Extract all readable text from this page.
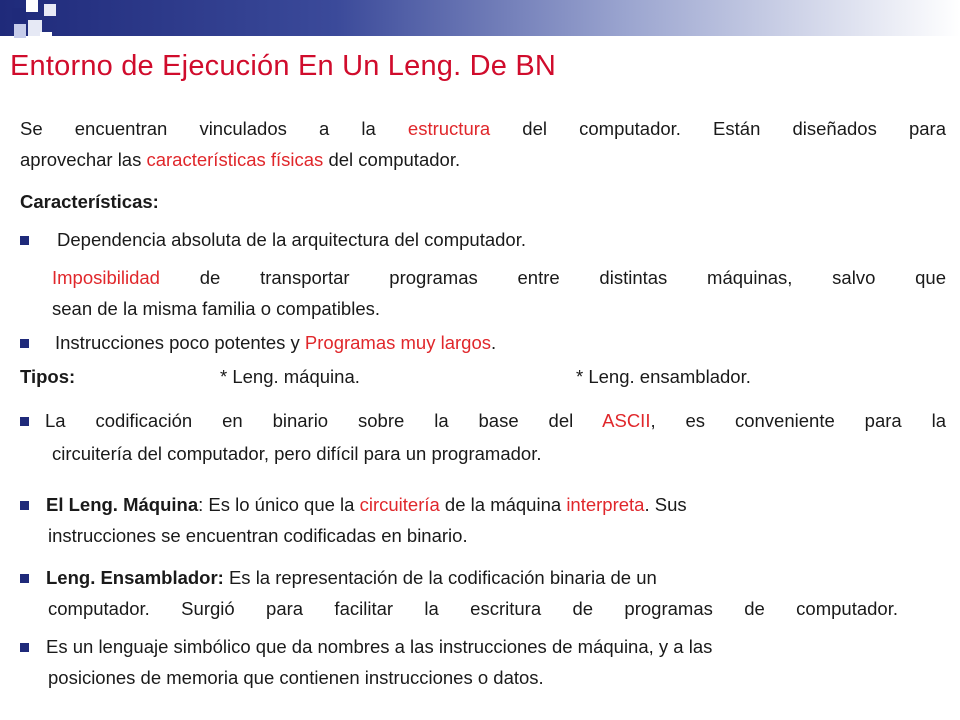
Entorno de Ejecución En Un Leng. De BN
Se encuentran vinculados a la estructura del computador. Están diseñados para
aprovechar las características físicas del computador.
Características:
Dependencia absoluta de la arquitectura del computador.
Imposibilidad de transportar programas entre distintas máquinas, salvo que
sean de la misma familia o compatibles.
Instrucciones poco potentes y Programas muy largos.
Tipos:	* Leng. máquina.	* Leng. ensamblador.
La codificación en binario sobre la base del ASCII, es conveniente para la
circuitería del computador, pero difícil para un programador.
El Leng. Máquina: Es lo único que la circuitería de la máquina interpreta. Sus
instrucciones se encuentran codificadas en binario.
Leng. Ensamblador: Es la representación de la codificación binaria de un
computador. Surgió para facilitar la escritura de programas de computador.
Es un lenguaje simbólico que da nombres a las instrucciones de máquina, y a las
posiciones de memoria que contienen instrucciones o datos.
